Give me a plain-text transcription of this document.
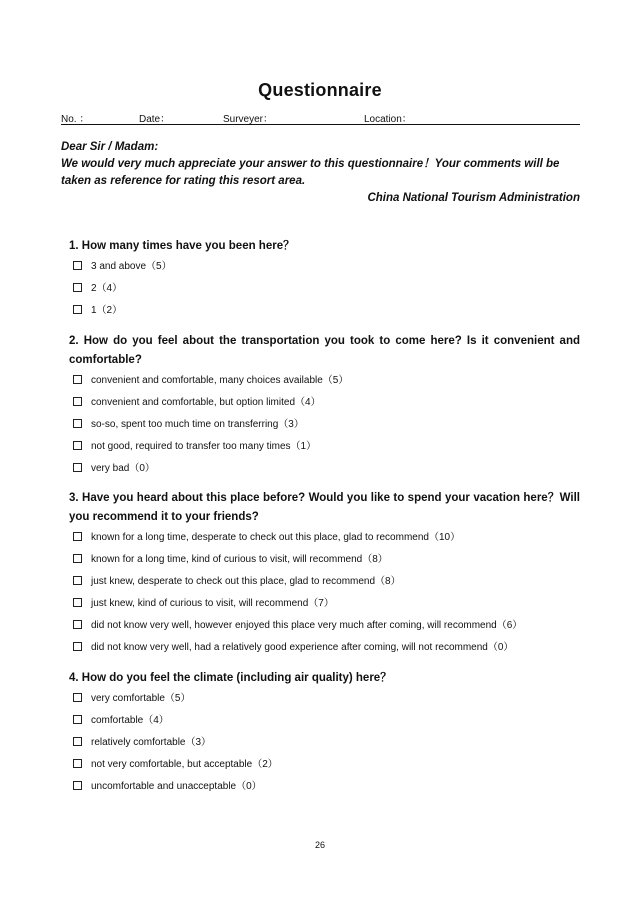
Questionnaire
No. ：	Date：	Surveyer：	Location：
Dear Sir / Madam:
We would very much appreciate your answer to this questionnaire！Your comments will be taken as reference for rating this resort area.
China National Tourism Administration
1. How many times have you been here？
3 and above（5）
2（4）
1（2）
2. How do you feel about the transportation you took to come here? Is it convenient and comfortable?
convenient and comfortable, many choices available（5）
convenient and comfortable, but option limited（4）
so-so, spent too much time on transferring（3）
not good, required to transfer too many times（1）
very bad（0）
3. Have you heard about this place before? Would you like to spend your vacation here？Will you recommend it to your friends?
known for a long time, desperate to check out this place, glad to recommend（10）
known for a long time, kind of curious to visit, will recommend（8）
just knew, desperate to check out this place, glad to recommend（8）
just knew, kind of curious to visit, will recommend（7）
did not know very well, however enjoyed this place very much after coming, will recommend（6）
did not know very well, had a relatively good experience after coming, will not recommend（0）
4. How do you feel the climate (including air quality) here？
very comfortable（5）
comfortable（4）
relatively comfortable（3）
not very comfortable, but acceptable（2）
uncomfortable and unacceptable（0）
26
